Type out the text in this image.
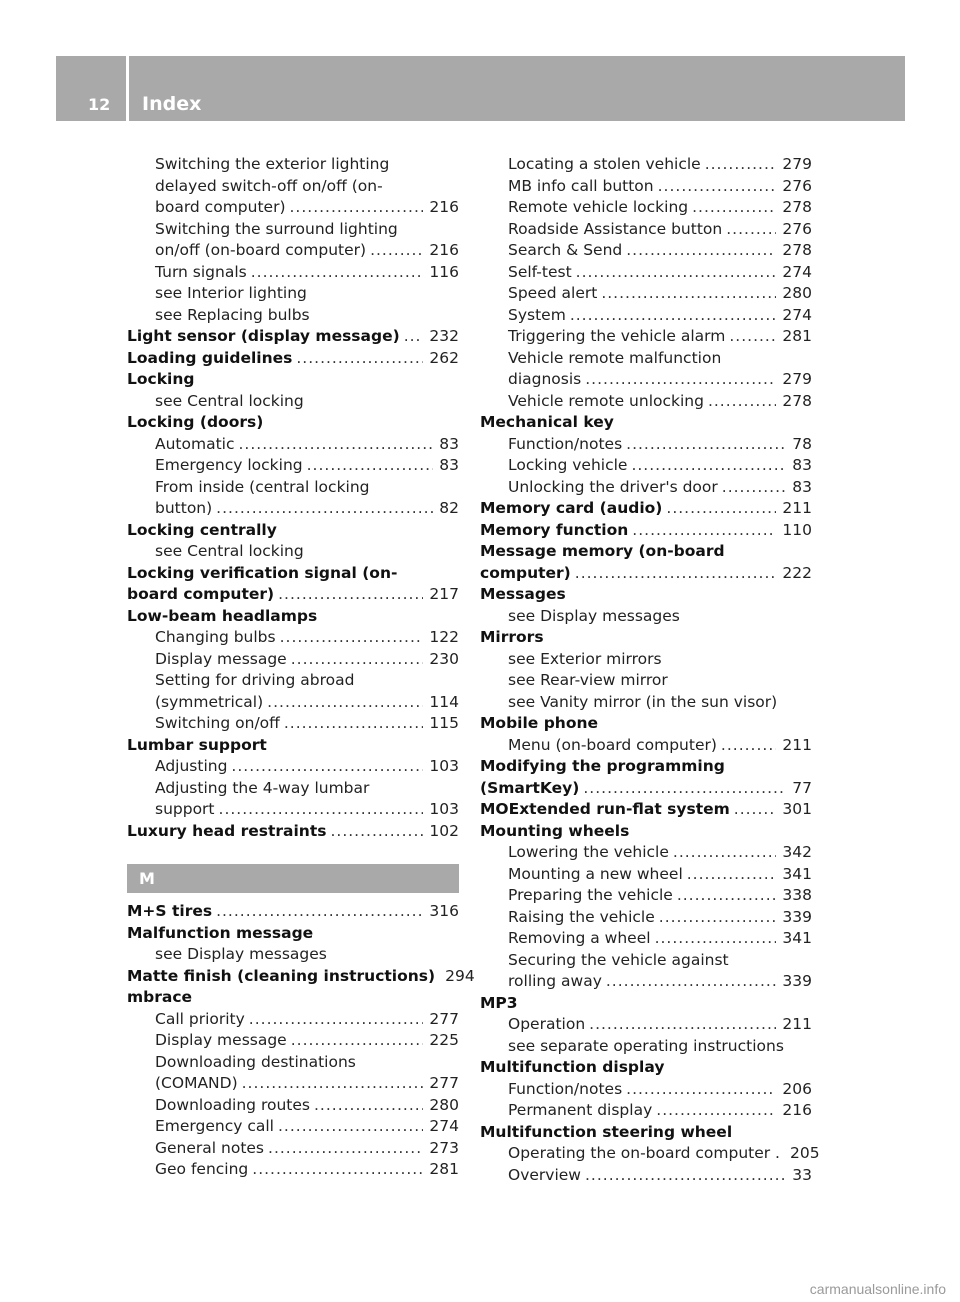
12	Index
Switching the exterior lighting
delayed switch-off on/off (on-
board computer) .....	216
Switching the surround lighting
on/off (on-board computer) .....	216
Turn signals .....	116
see Interior lighting
see Replacing bulbs
Light sensor (display message) ..... 232
Loading guidelines .....	262
Locking
see Central locking
Locking (doors)
Automatic .....	83
Emergency locking .....	83
From inside (central locking
button) .....	82
Locking centrally
see Central locking
Locking verification signal (on-
board computer) .....	217
Low-beam headlamps
Changing bulbs .....	122
Display message .....	230
Setting for driving abroad
(symmetrical) .....	114
Switching on/off .....	115
Lumbar support
Adjusting .....	103
Adjusting the 4-way lumbar
support .....	103
Luxury head restraints .....	102
M
M+S tires .....	316
Malfunction message
see Display messages
Matte finish (cleaning instructions) 294
mbrace
Call priority .....	277
Display message .....	225
Downloading destinations
(COMAND) .....	277
Downloading routes .....	280
Emergency call .....	274
General notes .....	273
Geo fencing .....	281
Locating a stolen vehicle .....	279
MB info call button .....	276
Remote vehicle locking .....	278
Roadside Assistance button .....	276
Search & Send .....	278
Self-test .....	274
Speed alert .....	280
System .....	274
Triggering the vehicle alarm .....	281
Vehicle remote malfunction
diagnosis .....	279
Vehicle remote unlocking .....	278
Mechanical key
Function/notes .....	78
Locking vehicle .....	83
Unlocking the driver's door .....	83
Memory card (audio) .....	211
Memory function .....	110
Message memory (on-board
computer) .....	222
Messages
see Display messages
Mirrors
see Exterior mirrors
see Rear-view mirror
see Vanity mirror (in the sun visor)
Mobile phone
Menu (on-board computer) .....	211
Modifying the programming
(SmartKey) .....	77
MOExtended run-flat system .....	301
Mounting wheels
Lowering the vehicle .....	342
Mounting a new wheel .....	341
Preparing the vehicle .....	338
Raising the vehicle .....	339
Removing a wheel .....	341
Securing the vehicle against
rolling away .....	339
MP3
Operation .....	211
see separate operating instructions
Multifunction display
Function/notes .....	206
Permanent display .....	216
Multifunction steering wheel
Operating the on-board computer . 205
Overview .....	33
carmanualsonline.info
